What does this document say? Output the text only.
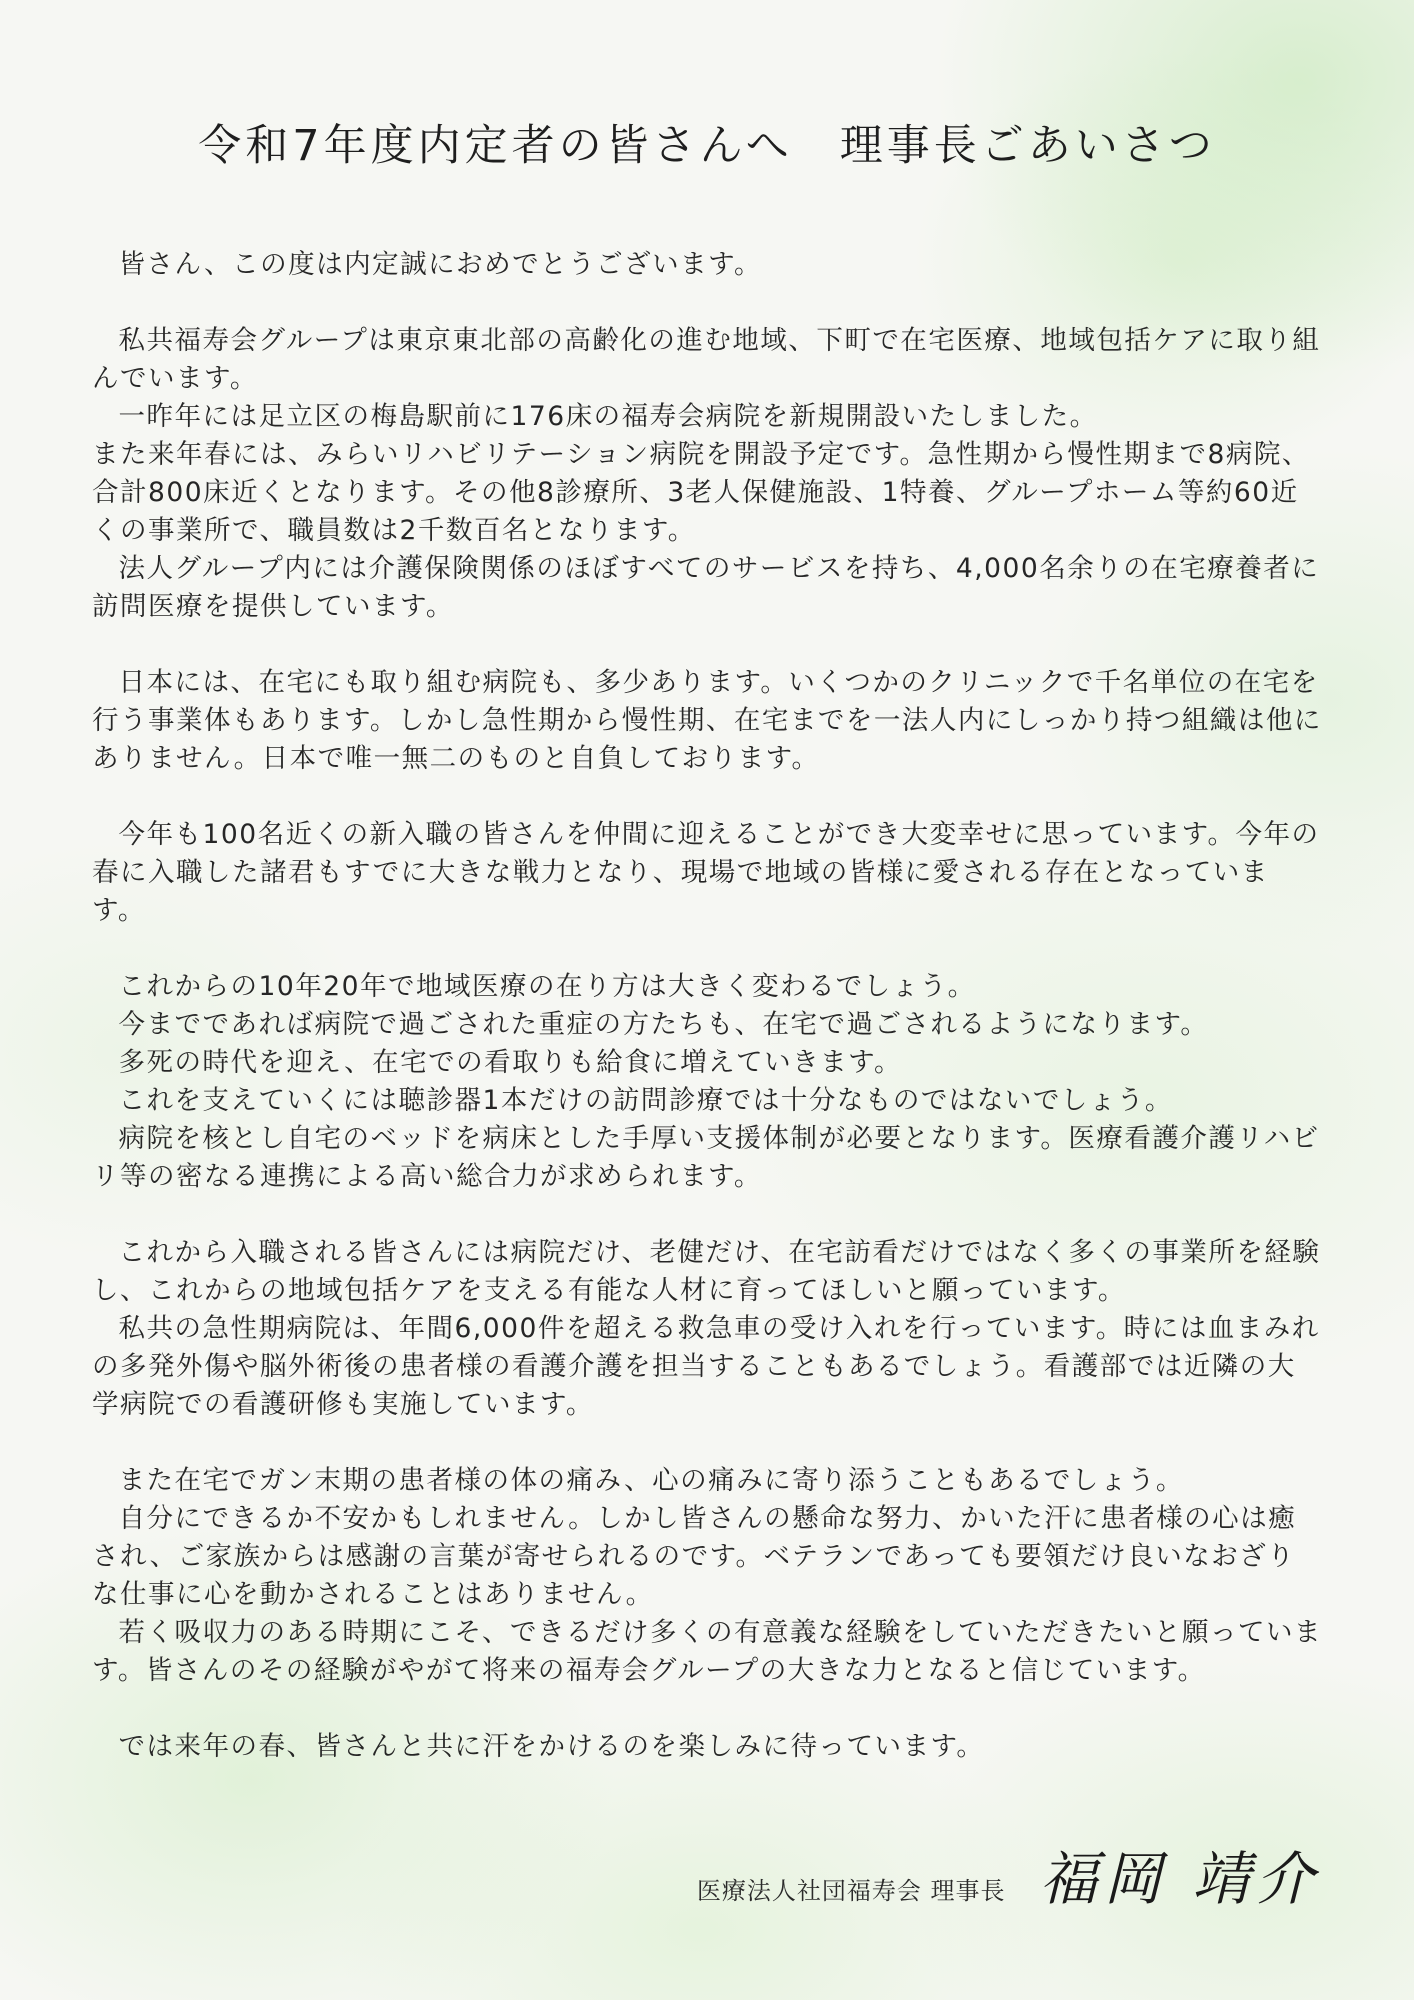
令和7年度内定者の皆さんへ　理事長ごあいさつ

皆さん、この度は内定誠におめでとうございます。

私共福寿会グループは東京東北部の高齢化の進む地域、下町で在宅医療、地域包括ケアに取り組んでいます。

一昨年には足立区の梅島駅前に176床の福寿会病院を新規開設いたしました。

また来年春には、みらいリハビリテーション病院を開設予定です。急性期から慢性期まで8病院、合計800床近くとなります。その他8診療所、3老人保健施設、1特養、グループホーム等約60近くの事業所で、職員数は2千数百名となります。

法人グループ内には介護保険関係のほぼすべてのサービスを持ち、4,000名余りの在宅療養者に訪問医療を提供しています。

日本には、在宅にも取り組む病院も、多少あります。いくつかのクリニックで千名単位の在宅を行う事業体もあります。しかし急性期から慢性期、在宅までを一法人内にしっかり持つ組織は他にありません。日本で唯一無二のものと自負しております。

今年も100名近くの新入職の皆さんを仲間に迎えることができ大変幸せに思っています。今年の春に入職した諸君もすでに大きな戦力となり、現場で地域の皆様に愛される存在となっています。

これからの10年20年で地域医療の在り方は大きく変わるでしょう。

今までであれば病院で過ごされた重症の方たちも、在宅で過ごされるようになります。

多死の時代を迎え、在宅での看取りも給食に増えていきます。

これを支えていくには聴診器1本だけの訪問診療では十分なものではないでしょう。

病院を核とし自宅のベッドを病床とした手厚い支援体制が必要となります。医療看護介護リハビリ等の密なる連携による高い総合力が求められます。

これから入職される皆さんには病院だけ、老健だけ、在宅訪看だけではなく多くの事業所を経験し、これからの地域包括ケアを支える有能な人材に育ってほしいと願っています。

私共の急性期病院は、年間6,000件を超える救急車の受け入れを行っています。時には血まみれの多発外傷や脳外術後の患者様の看護介護を担当することもあるでしょう。看護部では近隣の大学病院での看護研修も実施しています。

また在宅でガン末期の患者様の体の痛み、心の痛みに寄り添うこともあるでしょう。

自分にできるか不安かもしれません。しかし皆さんの懸命な努力、かいた汗に患者様の心は癒され、ご家族からは感謝の言葉が寄せられるのです。ベテランであっても要領だけ良いなおざりな仕事に心を動かされることはありません。

若く吸収力のある時期にこそ、できるだけ多くの有意義な経験をしていただきたいと願っています。皆さんのその経験がやがて将来の福寿会グループの大きな力となると信じています。

では来年の春、皆さんと共に汗をかけるのを楽しみに待っています。

医療法人社団福寿会 理事長 福岡 靖介
